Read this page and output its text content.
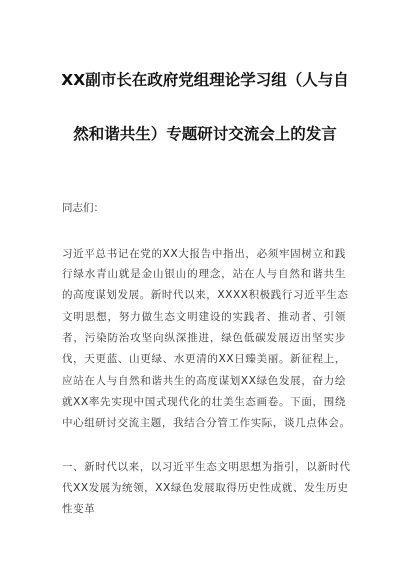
XX副市长在政府党组理论学习组（人与自
然和谐共生）专题研讨交流会上的发言
同志们：
习近平总书记在党的XX大报告中指出，必须牢固树立和践
行绿水青山就是金山银山的理念，站在人与自然和谐共生
的高度谋划发展。新时代以来，XXXX积极践行习近平生态
文明思想，努力做生态文明建设的实践者、推动者、引领
者，污染防治攻坚向纵深推进，绿色低碳发展迈出坚实步
伐，天更蓝、山更绿、水更清的XX日臻美丽。新征程上，
应站在人与自然和谐共生的高度谋划XX绿色发展，奋力绘
就XX率先实现中国式现代化的壮美生态画卷。下面，围绕
中心组研讨交流主题，我结合分管工作实际，谈几点体会。
一、新时代以来，以习近平生态文明思想为指引，以新时代
代XX发展为统领，XX绿色发展取得历史性成就、发生历史
性变革
